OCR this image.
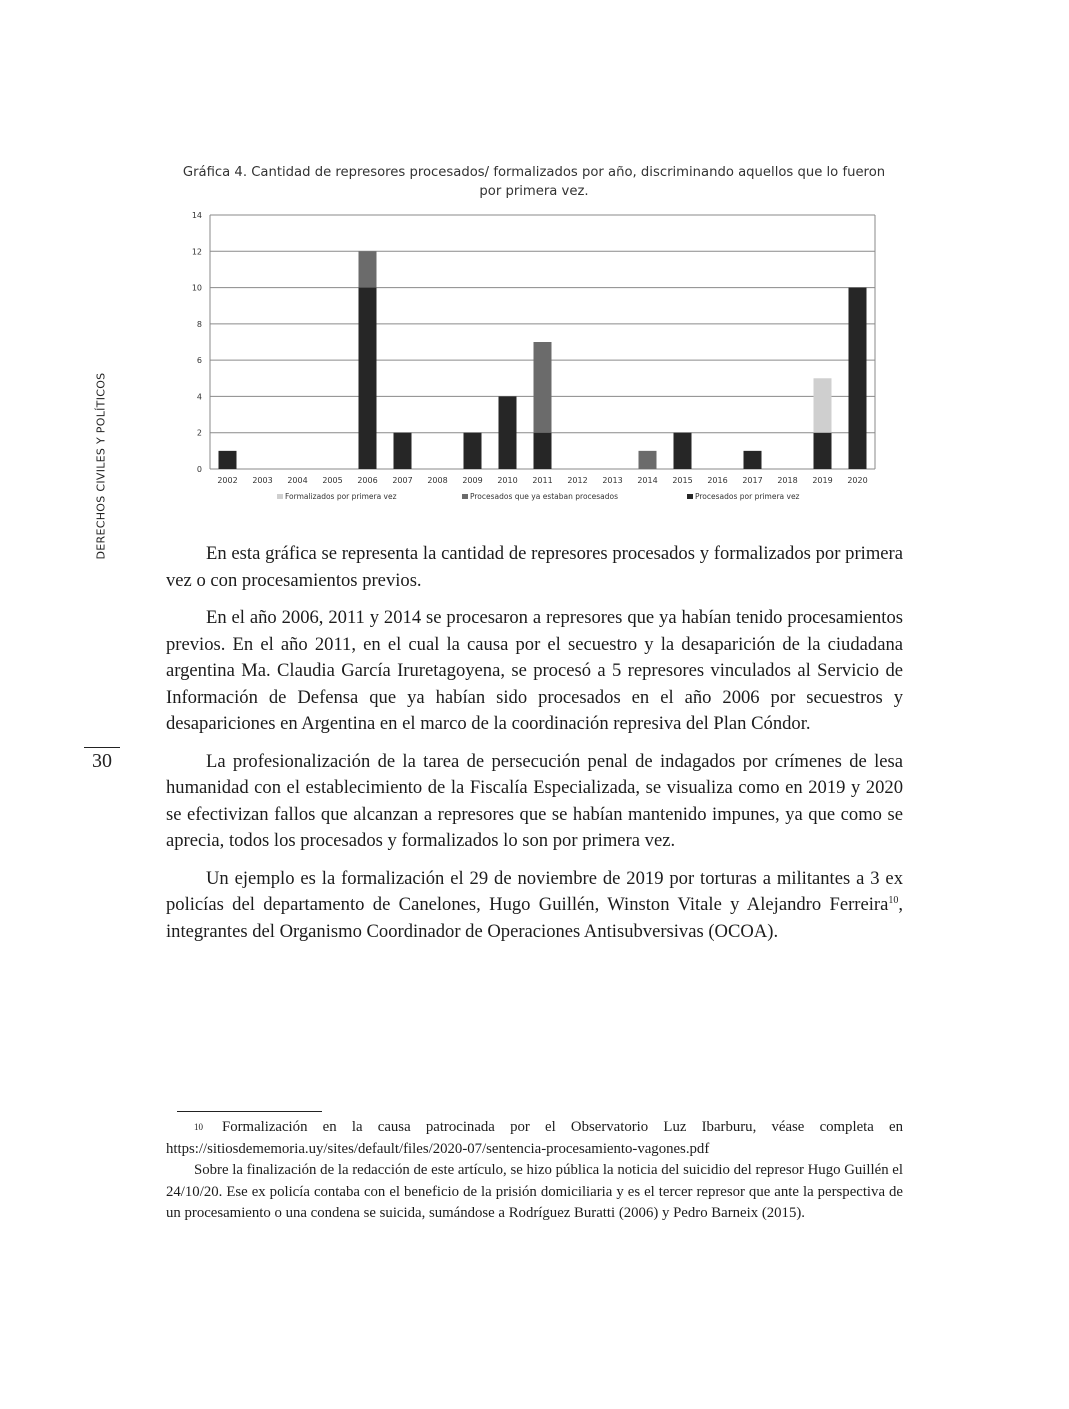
DERECHOS CIVILES Y POLÍTICOS
30
Gráfica 4. Cantidad de represores procesados/ formalizados por año, discriminando aquellos que lo fueron por primera vez.
0
2
4
6
8
10
12
14
2002 2003 2004 2005 2006 2007 2008 2009 2010 2011 2012 2013 2014 2015 2016 2017 2018 2019 2020
Formalizados por primera vez	Procesados que ya estaban procesados	Procesados por primera vez

En esta gráfica se representa la cantidad de represores procesados y formalizados por primera vez o con procesamientos previos.

En el año 2006, 2011 y 2014 se procesaron a represores que ya habían tenido procesamientos previos. En el año 2011, en el cual la causa por el secuestro y la desaparición de la ciudadana argentina Ma. Claudia García Iruretagoyena, se procesó a 5 represores vinculados al Servicio de Información de Defensa que ya habían sido procesados en el año 2006 por secuestros y desapariciones en Argentina en el marco de la coordinación represiva del Plan Cóndor.

La profesionalización de la tarea de persecución penal de indagados por crímenes de lesa humanidad con el establecimiento de la Fiscalía Especializada, se visualiza como en 2019 y 2020 se efectivizan fallos que alcanzan a represores que se habían mantenido impunes, ya que como se aprecia, todos los procesados y formalizados lo son por primera vez.

Un ejemplo es la formalización el 29 de noviembre de 2019 por torturas a militantes a 3 ex policías del departamento de Canelones, Hugo Guillén, Winston Vitale y Alejandro Ferreira$^{10}$, integrantes del Organismo Coordinador de Operaciones Antisubversivas (OCOA).

10 Formalización en la causa patrocinada por el Observatorio Luz Ibarburu, véase completa en https://sitiosdememoria.uy/sites/default/files/2020-07/sentencia-procesamiento-vagones.pdf

Sobre la finalización de la redacción de este artículo, se hizo pública la noticia del suicidio del represor Hugo Guillén el 24/10/20. Ese ex policía contaba con el beneficio de la prisión domiciliaria y es el tercer represor que ante la perspectiva de un procesamiento o una condena se suicida, sumándose a Rodríguez Buratti (2006) y Pedro Barneix (2015).
